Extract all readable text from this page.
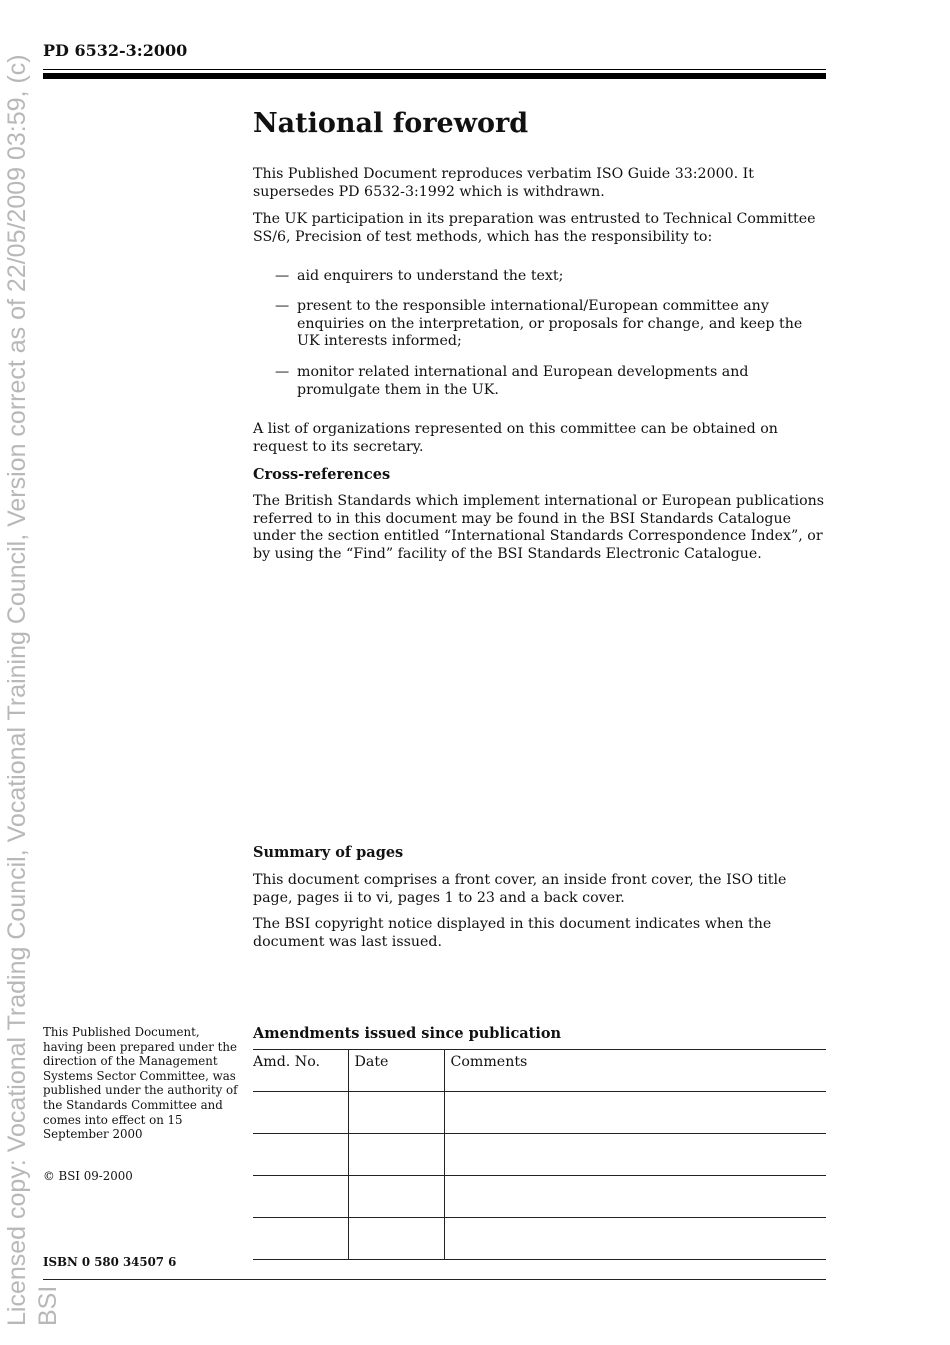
Licensed copy: Vocational Trading Council, Vocational Training Council, Version correct as of 22/05/2009 03:59, (c) BSI
PD 6532-3:2000
National foreword

This Published Document reproduces verbatim ISO Guide 33:2000. It supersedes PD 6532-3:1992 which is withdrawn.

The UK participation in its preparation was entrusted to Technical Committee SS/6, Precision of test methods, which has the responsibility to:

— aid enquirers to understand the text;
— present to the responsible international/European committee any enquiries on the interpretation, or proposals for change, and keep the UK interests informed;
— monitor related international and European developments and promulgate them in the UK.

A list of organizations represented on this committee can be obtained on request to its secretary.

Cross-references

The British Standards which implement international or European publications referred to in this document may be found in the BSI Standards Catalogue under the section entitled “International Standards Correspondence Index”, or by using the “Find” facility of the BSI Standards Electronic Catalogue.

Summary of pages

This document comprises a front cover, an inside front cover, the ISO title page, pages ii to vi, pages 1 to 23 and a back cover.

The BSI copyright notice displayed in this document indicates when the document was last issued.

This Published Document, having been prepared under the direction of the Management Systems Sector Committee, was published under the authority of the Standards Committee and comes into effect on 15 September 2000
© BSI 09-2000
ISBN 0 580 34507 6
Amendments issued since publication
Amd. No.	Date	Comments
